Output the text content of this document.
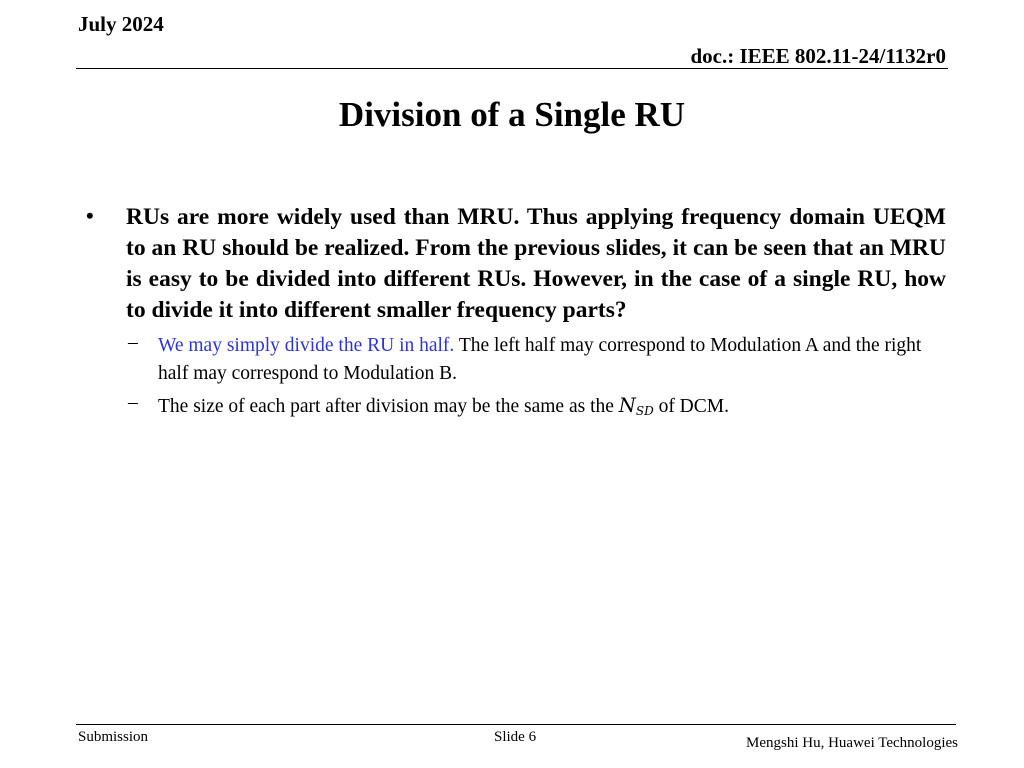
July 2024
doc.: IEEE 802.11-24/1132r0
Division of a Single RU
• RUs are more widely used than MRU. Thus applying frequency domain UEQM to an RU should be realized. From the previous slides, it can be seen that an MRU is easy to be divided into different RUs. However, in the case of a single RU, how to divide it into different smaller frequency parts?
– We may simply divide the RU in half. The left half may correspond to Modulation A and the right half may correspond to Modulation B.
– The size of each part after division may be the same as the $N_{SD}$ of DCM.
Submission	Slide 6	Mengshi Hu, Huawei Technologies
